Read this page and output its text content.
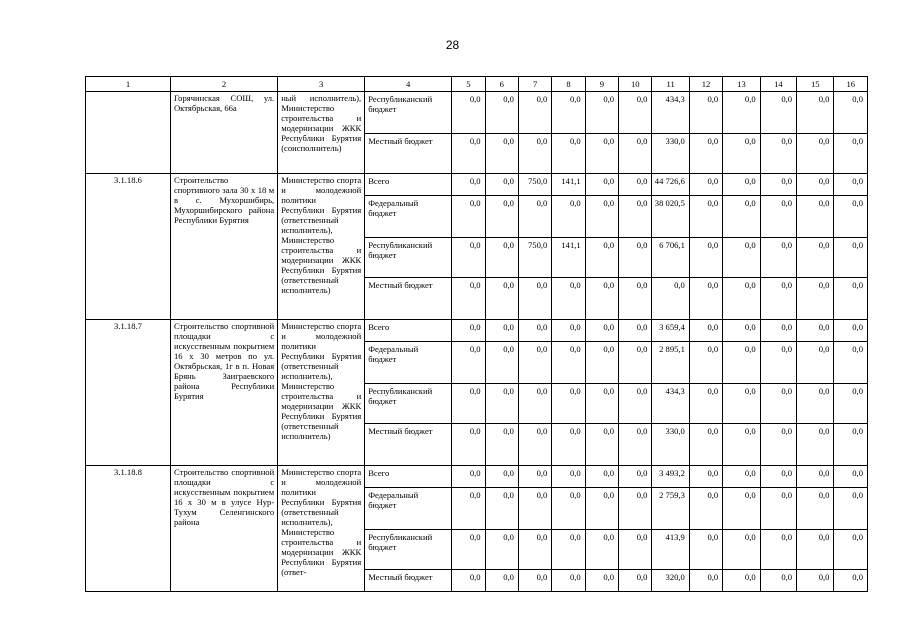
28
1	2	3	4	5	6	7	8	9	10	11	12	13	14	15	16
	Горячинская СОШ, ул. Октябрьская, 66а	ный исполнитель), Министерство строительства и модернизации ЖКК Республики Бурятия (соисполнитель)	Республиканский бюджет	0,0	0,0	0,0	0,0	0,0	0,0	434,3	0,0	0,0	0,0	0,0	0,0
			Местный бюджет	0,0	0,0	0,0	0,0	0,0	0,0	330,0	0,0	0,0	0,0	0,0	0,0
3.1.18.6	Строительство спортивного зала 30 x 18 м в с. Мухоршибирь, Мухоршибирского района Республики Бурятия	Министерство спорта и молодежной политики Республики Бурятия (ответственный исполнитель), Министерство строительства и модернизации ЖКК Республики Бурятия (ответственный исполнитель)	Всего	0,0	0,0	750,0	141,1	0,0	0,0	44 726,6	0,0	0,0	0,0	0,0	0,0
			Федеральный бюджет	0,0	0,0	0,0	0,0	0,0	0,0	38 020,5	0,0	0,0	0,0	0,0	0,0
			Республиканский бюджет	0,0	0,0	750,0	141,1	0,0	0,0	6 706,1	0,0	0,0	0,0	0,0	0,0
			Местный бюджет	0,0	0,0	0,0	0,0	0,0	0,0	0,0	0,0	0,0	0,0	0,0	0,0
3.1.18.7	Строительство спортивной площадки с искусственным покрытием 16 x 30 метров по ул. Октябрьская, 1г в п. Новая Брянь Заиграевского района Республики Бурятия	Министерство спорта и молодежной политики Республики Бурятия (ответственный исполнитель), Министерство строительства и модернизации ЖКК Республики Бурятия (ответственный исполнитель)	Всего	0,0	0,0	0,0	0,0	0,0	0,0	3 659,4	0,0	0,0	0,0	0,0	0,0
			Федеральный бюджет	0,0	0,0	0,0	0,0	0,0	0,0	2 895,1	0,0	0,0	0,0	0,0	0,0
			Республиканский бюджет	0,0	0,0	0,0	0,0	0,0	0,0	434,3	0,0	0,0	0,0	0,0	0,0
			Местный бюджет	0,0	0,0	0,0	0,0	0,0	0,0	330,0	0,0	0,0	0,0	0,0	0,0
3.1.18.8	Строительство спортивной площадки с искусственным покрытием 16 x 30 м в улусе Нур-Тухум Селенгинского района	Министерство спорта и молодежной политики Республики Бурятия (ответственный исполнитель), Министерство строительства и модернизации ЖКК Республики Бурятия (ответ-	Всего	0,0	0,0	0,0	0,0	0,0	0,0	3 493,2	0,0	0,0	0,0	0,0	0,0
			Федеральный бюджет	0,0	0,0	0,0	0,0	0,0	0,0	2 759,3	0,0	0,0	0,0	0,0	0,0
			Республиканский бюджет	0,0	0,0	0,0	0,0	0,0	0,0	413,9	0,0	0,0	0,0	0,0	0,0
			Местный бюджет	0,0	0,0	0,0	0,0	0,0	0,0	320,0	0,0	0,0	0,0	0,0	0,0
